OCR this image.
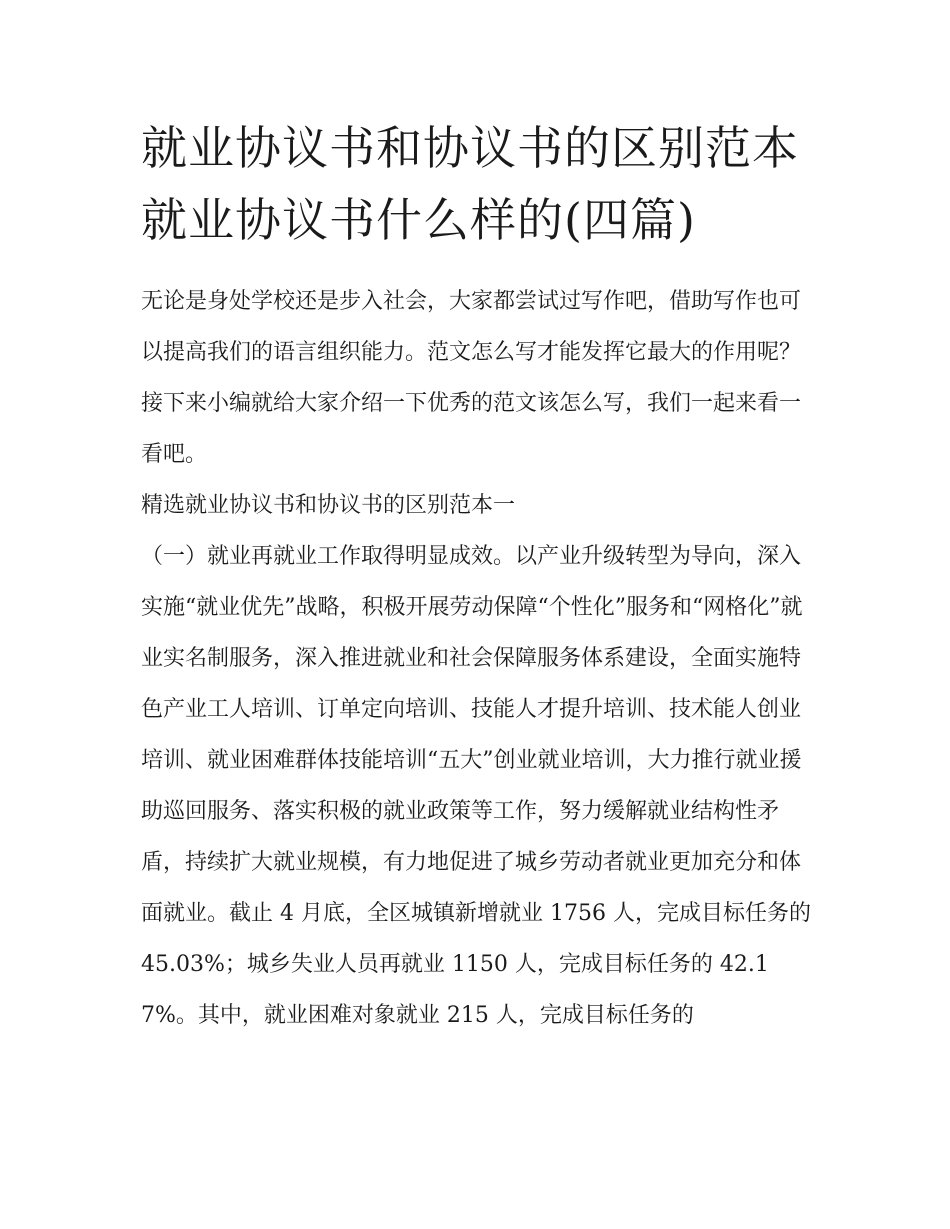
就业协议书和协议书的区别范本 就业协议书什么样的(四篇)

无论是身处学校还是步入社会，大家都尝试过写作吧，借助写作也可以提高我们的语言组织能力。范文怎么写才能发挥它最大的作用呢？接下来小编就给大家介绍一下优秀的范文该怎么写，我们一起来看一看吧。

精选就业协议书和协议书的区别范本一

（一）就业再就业工作取得明显成效。以产业升级转型为导向，深入实施“就业优先”战略，积极开展劳动保障“个性化”服务和“网格化”就业实名制服务，深入推进就业和社会保障服务体系建设，全面实施特色产业工人培训、订单定向培训、技能人才提升培训、技术能人创业培训、就业困难群体技能培训“五大”创业就业培训，大力推行就业援助巡回服务、落实积极的就业政策等工作，努力缓解就业结构性矛盾，持续扩大就业规模，有力地促进了城乡劳动者就业更加充分和体面就业。截止 4 月底，全区城镇新增就业 1756 人，完成目标任务的 45.03%；城乡失业人员再就业 1150 人，完成目标任务的 42.17%。其中，就业困难对象就业 215 人，完成目标任务的
